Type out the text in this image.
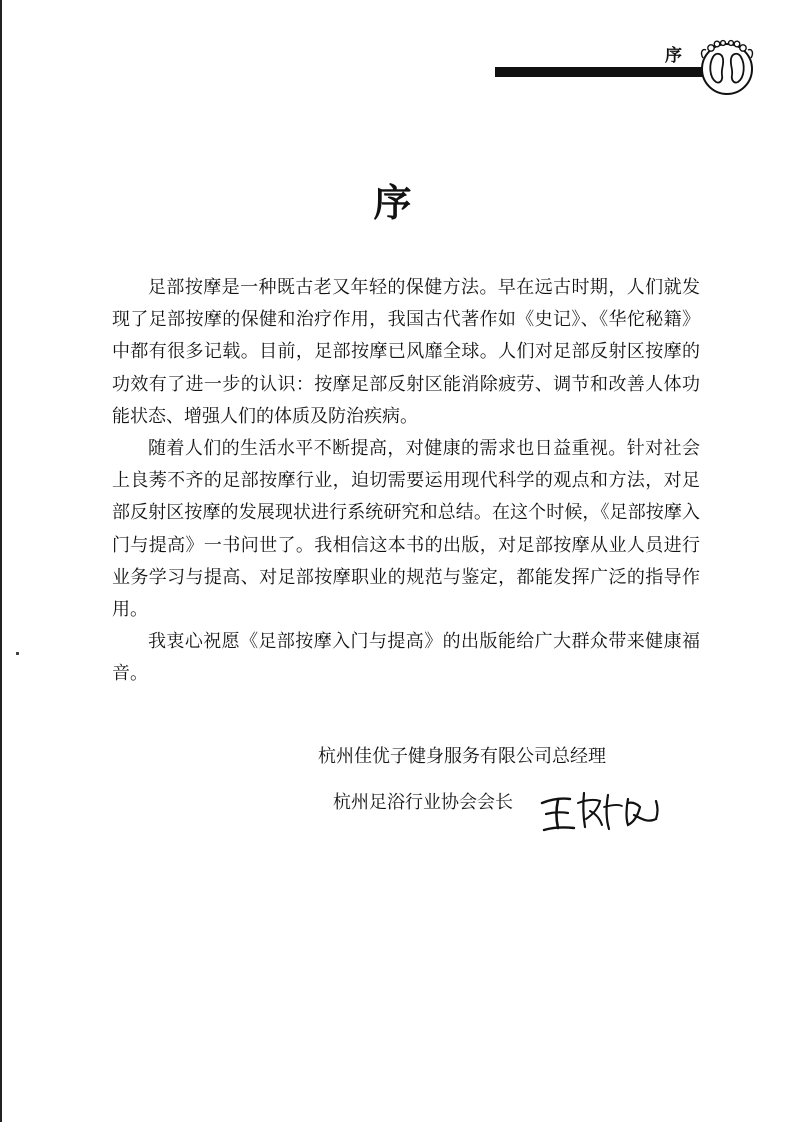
序
序

足部按摩是一种既古老又年轻的保健方法。早在远古时期，人们就发现了足部按摩的保健和治疗作用，我国古代著作如《史记》、《华佗秘籍》中都有很多记载。目前，足部按摩已风靡全球。人们对足部反射区按摩的功效有了进一步的认识：按摩足部反射区能消除疲劳、调节和改善人体功能状态、增强人们的体质及防治疾病。

随着人们的生活水平不断提高，对健康的需求也日益重视。针对社会上良莠不齐的足部按摩行业，迫切需要运用现代科学的观点和方法，对足部反射区按摩的发展现状进行系统研究和总结。在这个时候，《足部按摩入门与提高》一书问世了。我相信这本书的出版，对足部按摩从业人员进行业务学习与提高、对足部按摩职业的规范与鉴定，都能发挥广泛的指导作用。

我衷心祝愿《足部按摩入门与提高》的出版能给广大群众带来健康福音。

杭州佳优子健身服务有限公司总经理
杭州足浴行业协会会长
